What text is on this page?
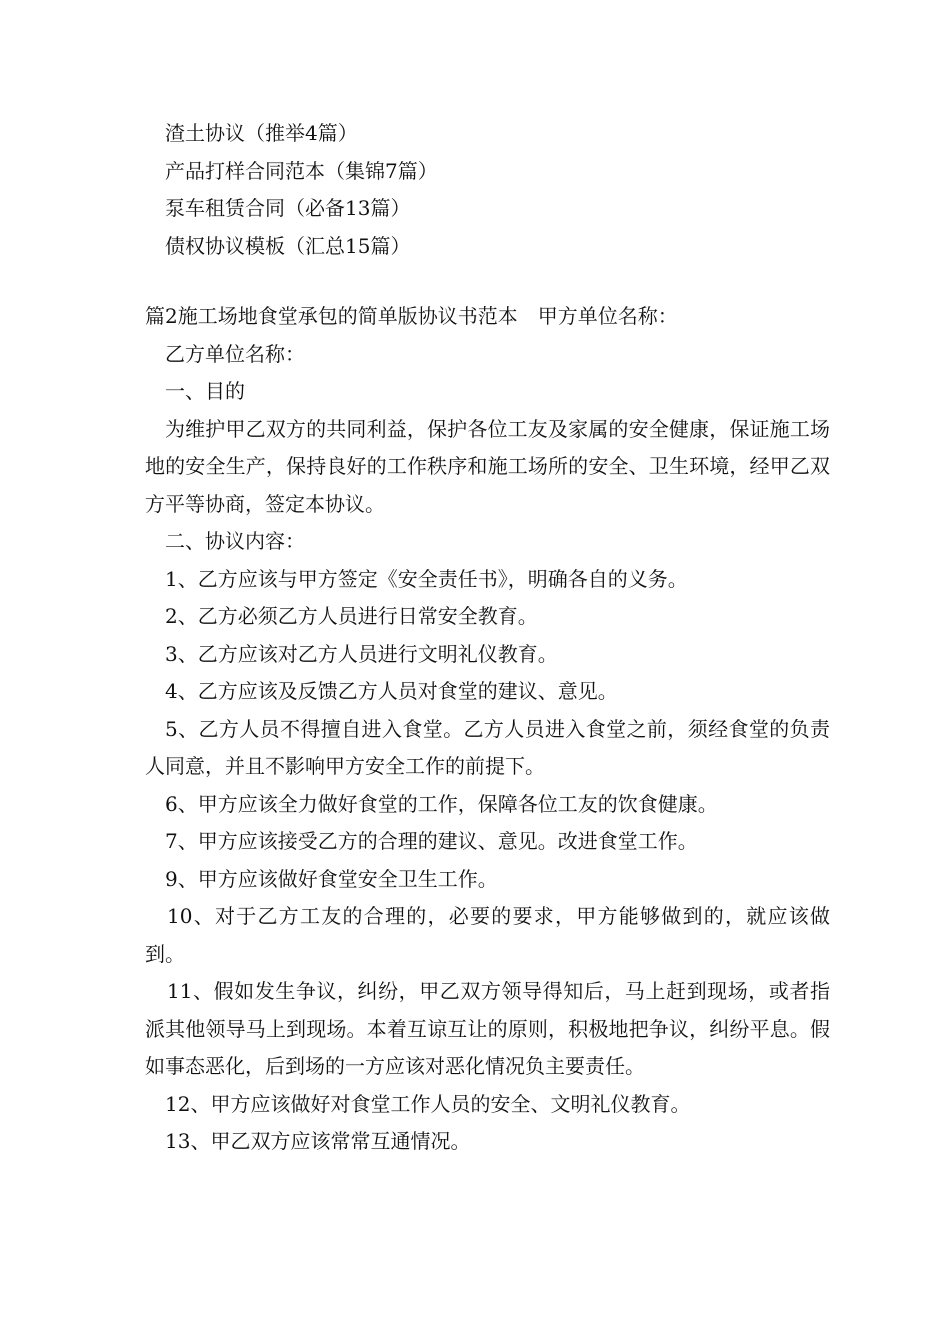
渣土协议（推举4篇）

产品打样合同范本（集锦7篇）

泵车租赁合同（必备13篇）

债权协议模板（汇总15篇）

篇2施工场地食堂承包的简单版协议书范本 甲方单位名称：

乙方单位名称：

一、目的

为维护甲乙双方的共同利益，保护各位工友及家属的安全健康，保证施工场地的安全生产，保持良好的工作秩序和施工场所的安全、卫生环境，经甲乙双方平等协商，签定本协议。

二、协议内容：

1、乙方应该与甲方签定《安全责任书》，明确各自的义务。

2、乙方必须乙方人员进行日常安全教育。

3、乙方应该对乙方人员进行文明礼仪教育。

4、乙方应该及反馈乙方人员对食堂的建议、意见。

5、乙方人员不得擅自进入食堂。乙方人员进入食堂之前，须经食堂的负责人同意，并且不影响甲方安全工作的前提下。

6、甲方应该全力做好食堂的工作，保障各位工友的饮食健康。

7、甲方应该接受乙方的合理的建议、意见。改进食堂工作。

9、甲方应该做好食堂安全卫生工作。

10、对于乙方工友的合理的，必要的要求，甲方能够做到的，就应该做到。

11、假如发生争议，纠纷，甲乙双方领导得知后，马上赶到现场，或者指派其他领导马上到现场。本着互谅互让的原则，积极地把争议，纠纷平息。假如事态恶化，后到场的一方应该对恶化情况负主要责任。

12、甲方应该做好对食堂工作人员的安全、文明礼仪教育。

13、甲乙双方应该常常互通情况。
